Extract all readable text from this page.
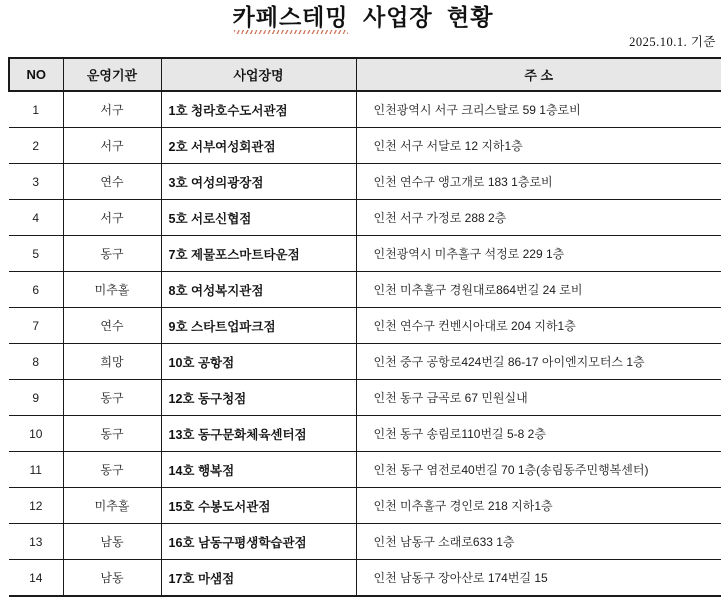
카페스테밍 사업장 현황
2025.10.1. 기준
NO	운영기관	사업장명	주 소
1	서구	1호 청라호수도서관점	인천광역시 서구 크리스탈로 59 1층로비
2	서구	2호 서부여성회관점	인천 서구 서달로 12 지하1층
3	연수	3호 여성의광장점	인천 연수구 앵고개로 183 1층로비
4	서구	5호 서로신협점	인천 서구 가정로 288 2층
5	동구	7호 제물포스마트타운점	인천광역시 미추홀구 석정로 229 1층
6	미추홀	8호 여성복지관점	인천 미추홀구 경원대로864번길 24 로비
7	연수	9호 스타트업파크점	인천 연수구 컨벤시아대로 204 지하1층
8	희망	10호 공항점	인천 중구 공항로424번길 86-17 아이엔지모터스 1층
9	동구	12호 동구청점	인천 동구 금곡로 67 민원실내
10	동구	13호 동구문화체육센터점	인천 동구 송림로110번길 5-8 2층
11	동구	14호 행복점	인천 동구 염전로40번길 70 1층(송림동주민행복센터)
12	미추홀	15호 수봉도서관점	인천 미추홀구 경인로 218 지하1층
13	남동	16호 남동구평생학습관점	인천 남동구 소래로633 1층
14	남동	17호 마샘점	인천 남동구 장아산로 174번길 15
